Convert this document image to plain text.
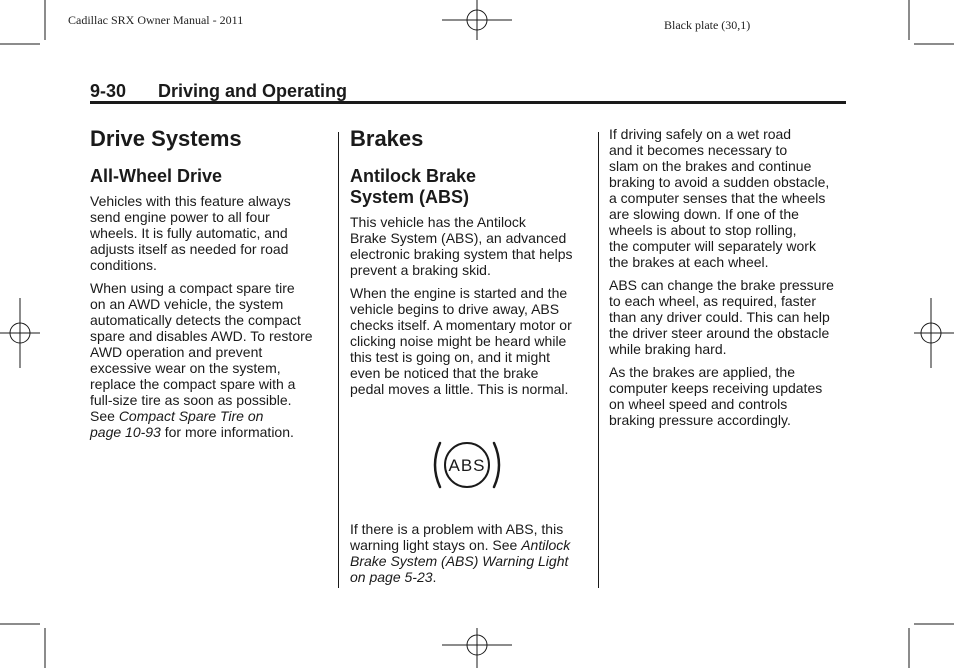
Cadillac SRX Owner Manual - 2011	Black plate (30,1)
9-30 Driving and Operating
Drive Systems
All-Wheel Drive

Vehicles with this feature always
send engine power to all four
wheels. It is fully automatic, and
adjusts itself as needed for road
conditions.

When using a compact spare tire
on an AWD vehicle, the system
automatically detects the compact
spare and disables AWD. To restore
AWD operation and prevent
excessive wear on the system,
replace the compact spare with a
full-size tire as soon as possible.
See Compact Spare Tire on
page 10-93 for more information.

Brakes
Antilock Brake
System (ABS)

This vehicle has the Antilock
Brake System (ABS), an advanced
electronic braking system that helps
prevent a braking skid.

When the engine is started and the
vehicle begins to drive away, ABS
checks itself. A momentary motor or
clicking noise might be heard while
this test is going on, and it might
even be noticed that the brake
pedal moves a little. This is normal.

ABS

If there is a problem with ABS, this
warning light stays on. See Antilock
Brake System (ABS) Warning Light
on page 5-23.

If driving safely on a wet road
and it becomes necessary to
slam on the brakes and continue
braking to avoid a sudden obstacle,
a computer senses that the wheels
are slowing down. If one of the
wheels is about to stop rolling,
the computer will separately work
the brakes at each wheel.

ABS can change the brake pressure
to each wheel, as required, faster
than any driver could. This can help
the driver steer around the obstacle
while braking hard.

As the brakes are applied, the
computer keeps receiving updates
on wheel speed and controls
braking pressure accordingly.
